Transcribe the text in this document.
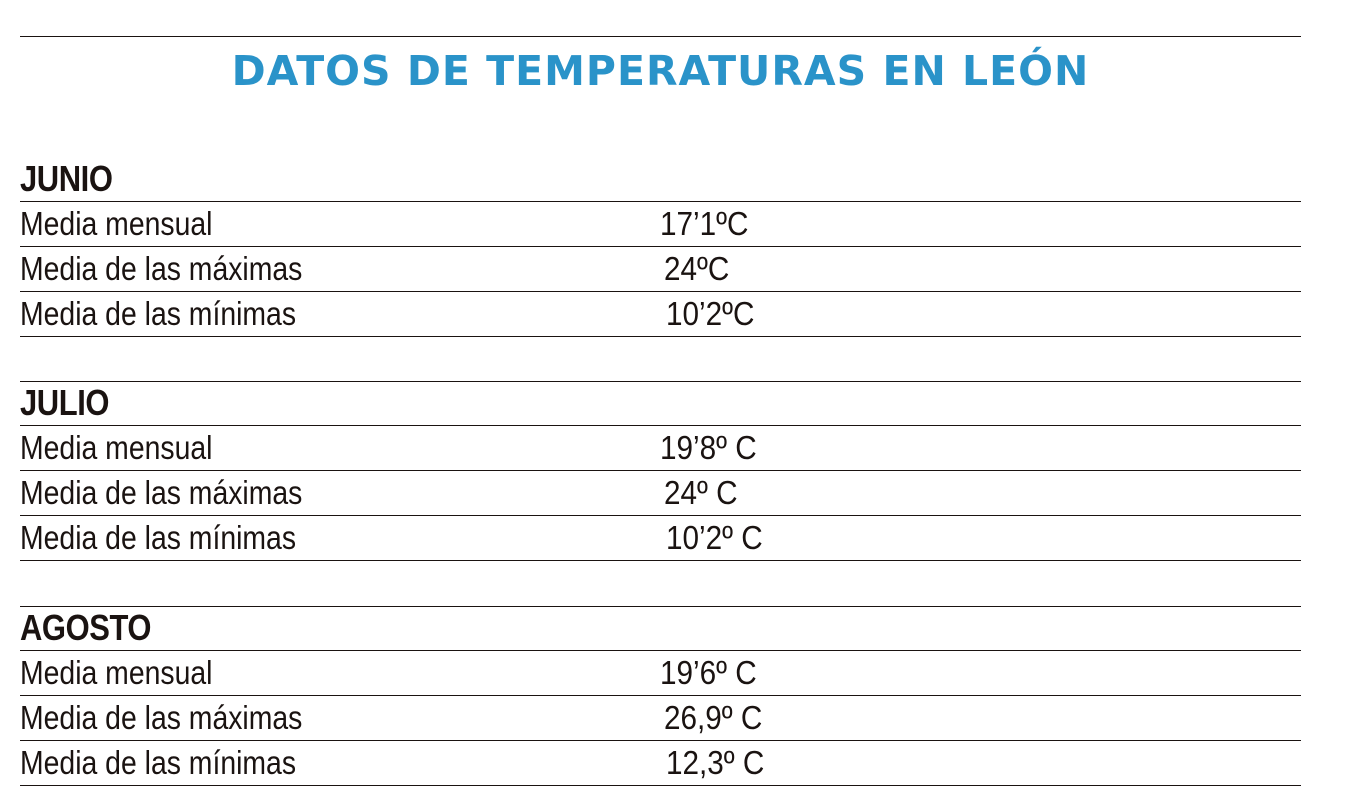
DATOS DE TEMPERATURAS EN LEÓN
JUNIO
Media mensual	17’1ºC
Media de las máximas	24ºC
Media de las mínimas	10’2ºC
JULIO
Media mensual	19’8º C
Media de las máximas	24º C
Media de las mínimas	10’2º C
AGOSTO
Media mensual	19’6º C
Media de las máximas	26,9º C
Media de las mínimas	12,3º C
